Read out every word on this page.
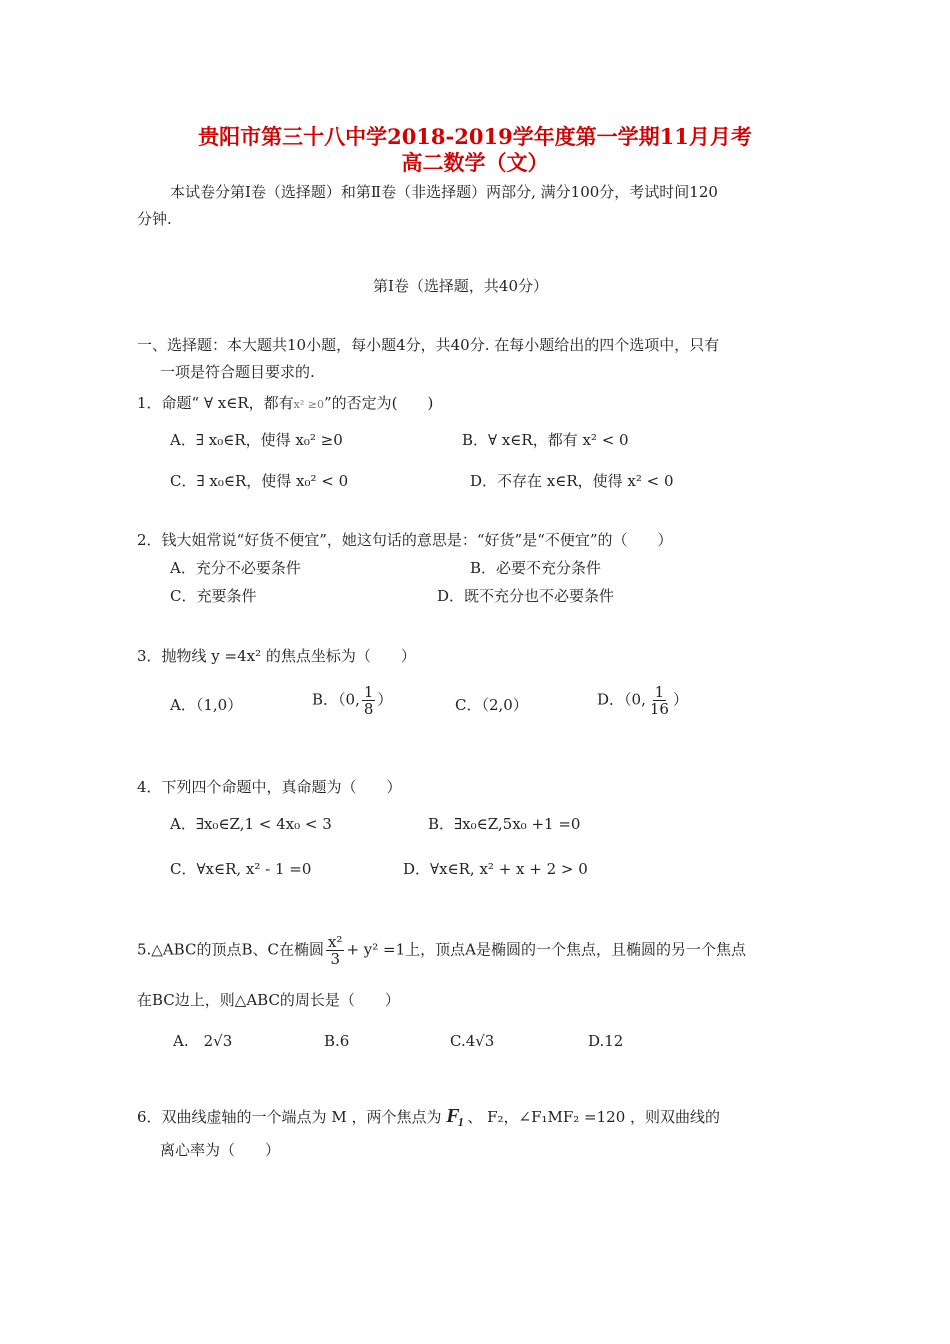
贵阳市第三十八中学2018-2019学年度第一学期11月月考
高二数学（文）
本试卷分第Ⅰ卷（选择题）和第Ⅱ卷（非选择题）两部分, 满分100分，考试时间120
分钟.
第Ⅰ卷（选择题，共40分）
一、选择题：本大题共10小题，每小题4分，共40分. 在每小题给出的四个选项中，只有
一项是符合题目要求的.
1．命题“ ∀ x∈R，都有x² ≥0”的否定为(　　)
A．∃ x₀∈R，使得 x₀² ≥0	B．∀ x∈R，都有 x² < 0
C．∃ x₀∈R，使得 x₀² < 0	D．不存在 x∈R，使得 x² < 0
2．钱大姐常说“好货不便宜”，她这句话的意思是：“好货”是“不便宜”的（　　）
A．充分不必要条件	B．必要不充分条件
C．充要条件	D．既不充分也不必要条件
3．抛物线 y =4x² 的焦点坐标为（　　）
A．（1,0）	B．（0, $\frac{1}{8}$ ）	C．（2,0）	D．（0, $\frac{1}{16}$ ）
4．下列四个命题中，真命题为（　　）
A．∃x₀∈Z,1 < 4x₀ < 3	B．∃x₀∈Z,5x₀ +1 =0
C．∀x∈R, x² - 1 =0	D．∀x∈R, x² + x + 2 > 0
5.△ABC的顶点B、C在椭圆 $\frac{\text{x²}}{3} + y^2 =1$上，顶点A是椭圆的一个焦点，且椭圆的另一个焦点
在BC边上，则△ABC的周长是（　　）
A.　2√3	B.6	C.4√3	D.12
6．双曲线虚轴的一个端点为 M ，两个焦点为 F₁ 、 F₂，∠F₁MF₂ =120 ，则双曲线的
离心率为（　　）
